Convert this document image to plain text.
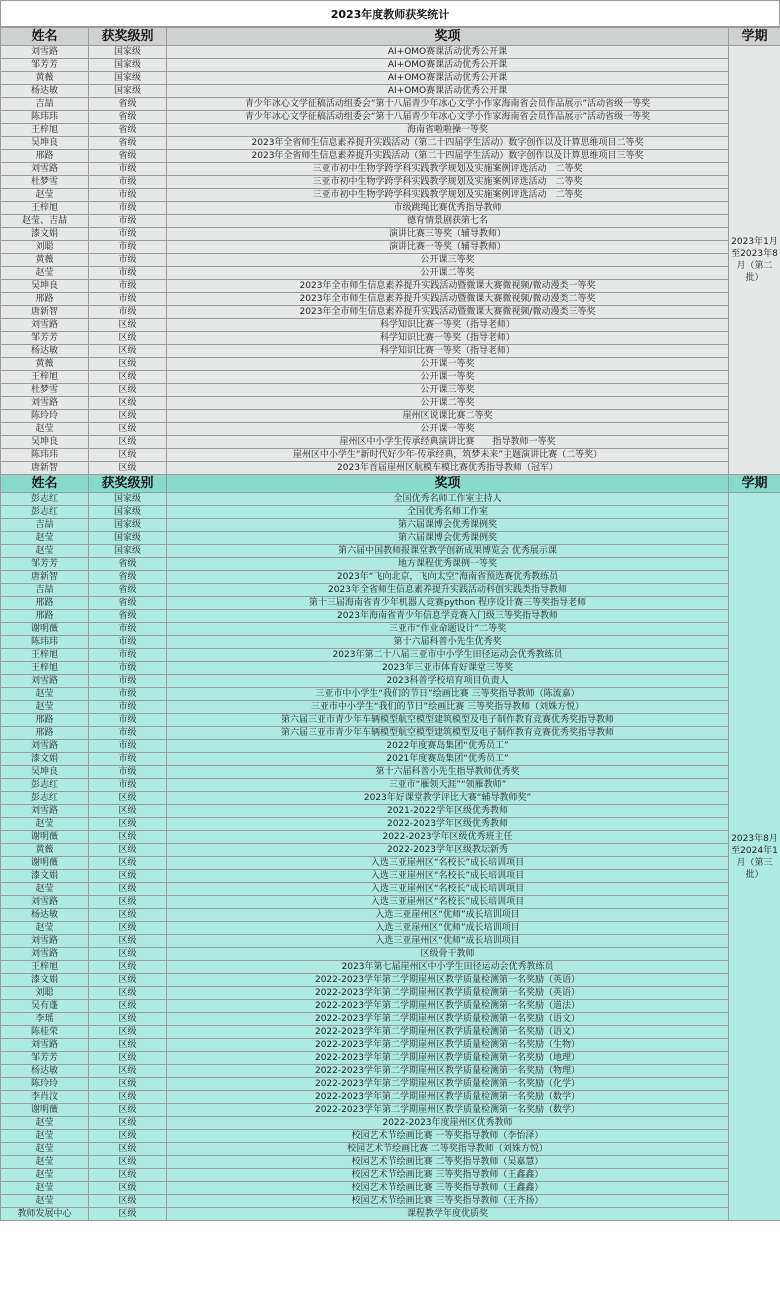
2023年度教师获奖统计
姓名	获奖级别	奖项	学期
刘雪路	国家级	AI+OMO赛课活动优秀公开课	2023年1月至2023年8月（第二批）
邹芳芳	国家级	AI+OMO赛课活动优秀公开课	
黄薇	国家级	AI+OMO赛课活动优秀公开课	
杨达敏	国家级	AI+OMO赛课活动优秀公开课	
吉喆	省级	青少年冰心文学征稿活动组委会“第十八届青少年冰心文学小作家海南省会员作品展示”活动省级一等奖	
陈玮玮	省级	青少年冰心文学征稿活动组委会“第十八届青少年冰心文学小作家海南省会员作品展示”活动省级一等奖	
王梓旭	省级	海南省啦啦操一等奖	
吴坤良	省级	2023年全省师生信息素养提升实践活动（第二十四届学生活动）数字创作以及计算思维项目二等奖	
邢路	省级	2023年全省师生信息素养提升实践活动（第二十四届学生活动）数字创作以及计算思维项目三等奖	
刘雪路	市级	三亚市初中生物学跨学科实践教学规划及实施案例评选活动　二等奖	
杜梦雪	市级	三亚市初中生物学跨学科实践教学规划及实施案例评选活动　二等奖	
赵莹	市级	三亚市初中生物学跨学科实践教学规划及实施案例评选活动　二等奖	
王梓旭	市级	市级跳绳比赛优秀指导教师	
赵莹、吉喆	市级	德育情景剧获第七名	
漆文娟	市级	演讲比赛三等奖（辅导教师）	
刘聪	市级	演讲比赛一等奖（辅导教师）	
黄薇	市级	公开课三等奖	
赵莹	市级	公开课二等奖	
吴坤良	市级	2023年全市师生信息素养提升实践活动暨微课大赛微视频/微动漫类一等奖	
邢路	市级	2023年全市师生信息素养提升实践活动暨微课大赛微视频/微动漫类二等奖	
唐新智	市级	2023年全市师生信息素养提升实践活动暨微课大赛微视频/微动漫类三等奖	
刘雪路	区级	科学知识比赛一等奖（指导老师）	
邹芳芳	区级	科学知识比赛一等奖（指导老师）	
杨达敏	区级	科学知识比赛一等奖（指导老师）	
黄薇	区级	公开课一等奖	
王梓旭	区级	公开课一等奖	
杜梦雪	区级	公开课三等奖	
刘雪路	区级	公开课二等奖	
陈玲玲	区级	崖州区说课比赛二等奖	
赵莹	区级	公开课一等奖	
吴坤良	区级	崖州区中小学生传承经典演讲比赛　　指导教师一等奖	
陈玮玮	区级	崖州区中小学生“新时代好少年·传承经典，筑梦未来”主题演讲比赛（二等奖）	
唐新智	区级	2023年首届崖州区航模车模比赛优秀指导教师（冠军）	
姓名	获奖级别	奖项	学期
彭志红	国家级	全国优秀名师工作室主持人	2023年8月至2024年1月（第三批）
彭志红	国家级	全国优秀名师工作室	
吉喆	国家级	第六届课博会优秀课例奖	
赵莹	国家级	第六届课博会优秀课例奖	
赵莹	国家级	第六届中国教师报课堂教学创新成果博览会 优秀展示课	
邹芳芳	省级	地方课程优秀课例一等奖	
唐新智	省级	2023年“飞向北京，飞向太空”海南省预选赛优秀教练员	
吉喆	省级	2023年全省师生信息素养提升实践活动科创实践类指导教师	
邢路	省级	第十三届海南省青少年机器人竞赛python 程序设计赛三等奖指导老师	
邢路	省级	2023年海南省青少年信息学竞赛入门级三等奖指导教师	
谢明薇	市级	三亚市“作业命题设计”二等奖	
陈玮玮	市级	第十六届科普小先生优秀奖	
王梓旭	市级	2023年第二十八届三亚市中小学生田径运动会优秀教练员	
王梓旭	市级	2023年三亚市体育好课堂三等奖	
刘雪路	市级	2023科普学校培育项目负责人	
赵莹	市级	三亚市中小学生“我们的节日”绘画比赛 三等奖指导教师（陈流嘉）	
赵莹	市级	三亚市中小学生“我们的节日”绘画比赛 三等奖指导教师（刘姝方悦）	
邢路	市级	第六届三亚市青少年车辆模型航空模型建筑模型及电子制作教育竞赛优秀奖指导教师	
邢路	市级	第六届三亚市青少年车辆模型航空模型建筑模型及电子制作教育竞赛优秀奖指导教师	
刘雪路	市级	2022年度赛岛集团“优秀员工”	
漆文娟	市级	2021年度赛岛集团“优秀员工”	
吴坤良	市级	第十六届科普小先生指导教师优秀奖	
彭志红	市级	三亚市“雁领天涯”“领雁教师”	
彭志红	区级	2023年好课堂教学评比大赛“辅导教师奖”	
刘雪路	区级	2021-2022学年区级优秀教师	
赵莹	区级	2022-2023学年区级优秀教师	
谢明薇	区级	2022-2023学年区级优秀班主任	
黄薇	区级	2022-2023学年区级教坛新秀	
谢明薇	区级	入选三亚崖州区“名校长”成长培训项目	
漆文娟	区级	入选三亚崖州区“名校长”成长培训项目	
赵莹	区级	入选三亚崖州区“名校长”成长培训项目	
刘雪路	区级	入选三亚崖州区“名校长”成长培训项目	
杨达敏	区级	入选三亚崖州区“优师”成长培训项目	
赵莹	区级	入选三亚崖州区“优师”成长培训项目	
刘雪路	区级	入选三亚崖州区“优师”成长培训项目	
刘雪路	区级	区级骨干教师	
王梓旭	区级	2023年第七届崖州区中小学生田径运动会优秀教练员	
漆文娟	区级	2022-2023学年第二学期崖州区教学质量检测第一名奖励（英语）	
刘聪	区级	2022-2023学年第二学期崖州区教学质量检测第一名奖励（英语）	
吴有蓬	区级	2022-2023学年第二学期崖州区教学质量检测第一名奖励（道法）	
李瑶	区级	2022-2023学年第二学期崖州区教学质量检测第一名奖励（语文）	
陈桂荣	区级	2022-2023学年第二学期崖州区教学质量检测第一名奖励（语文）	
刘雪路	区级	2022-2023学年第二学期崖州区教学质量检测第一名奖励（生物）	
邹芳芳	区级	2022-2023学年第二学期崖州区教学质量检测第一名奖励（地理）	
杨达敏	区级	2022-2023学年第二学期崖州区教学质量检测第一名奖励（物理）	
陈玲玲	区级	2022-2023学年第二学期崖州区教学质量检测第一名奖励（化学）	
李肖汶	区级	2022-2023学年第二学期崖州区教学质量检测第一名奖励（数学）	
谢明薇	区级	2022-2023学年第二学期崖州区教学质量检测第一名奖励（数学）	
赵莹	区级	2022-2023年度崖州区优秀教师	
赵莹	区级	校园艺术节绘画比赛 一等奖指导教师（李怡泽）	
赵莹	区级	校园艺术节绘画比赛 二等奖指导教师（刘姝方悦）	
赵莹	区级	校园艺术节绘画比赛 二等奖指导教师（吴嘉慧）	
赵莹	区级	校园艺术节绘画比赛 三等奖指导教师（王鑫鑫）	
赵莹	区级	校园艺术节绘画比赛 三等奖指导教师（王鑫鑫）	
赵莹	区级	校园艺术节绘画比赛 三等奖指导教师（王齐扬）	
教师发展中心	区级	课程教学年度优质奖	
